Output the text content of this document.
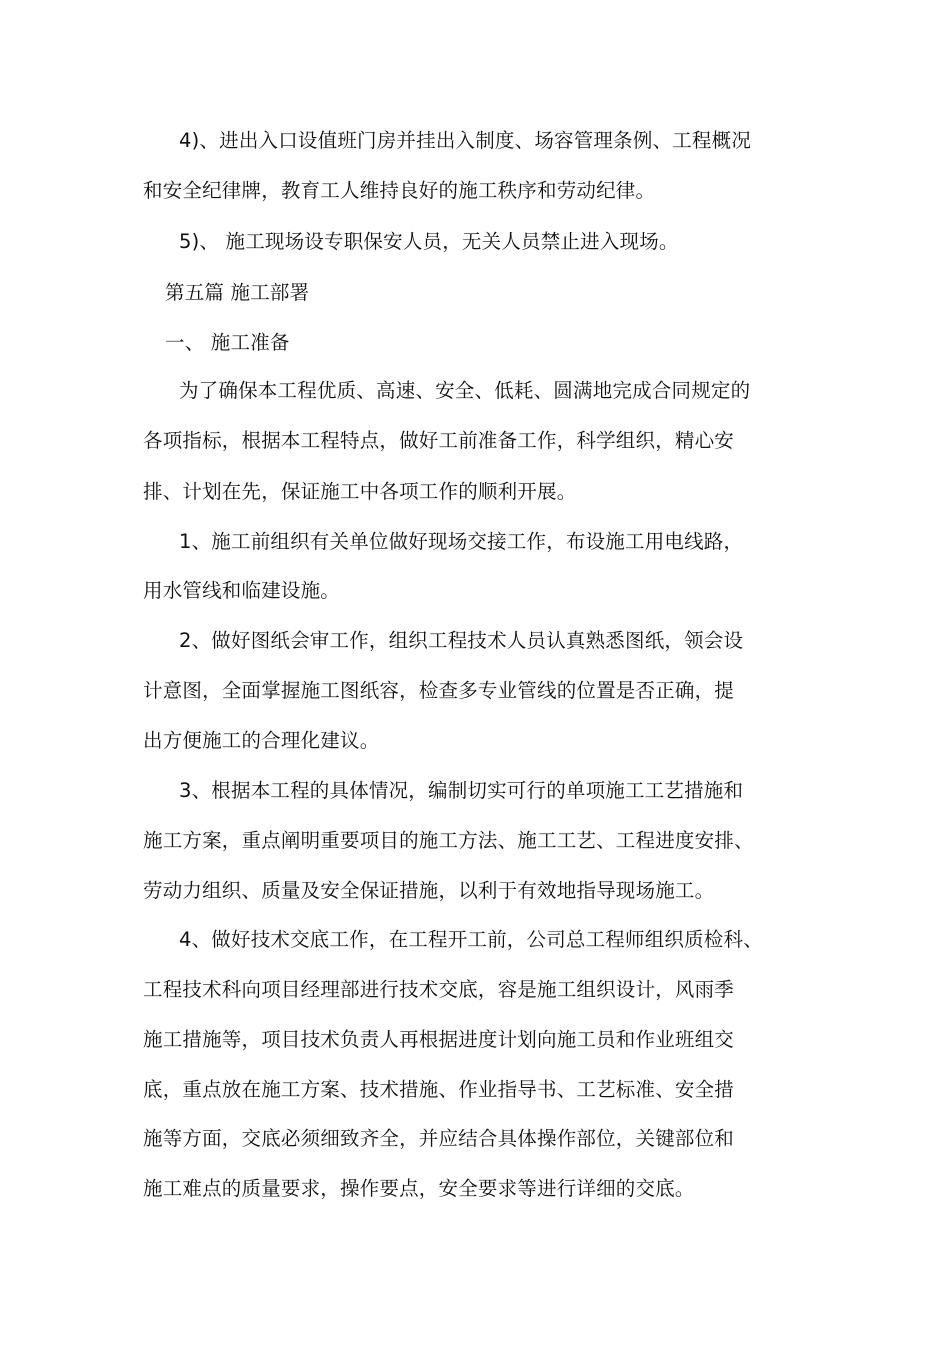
4)、进出入口设值班门房并挂出入制度、场容管理条例、工程概况
和安全纪律牌，教育工人维持良好的施工秩序和劳动纪律。
5)、 施工现场设专职保安人员，无关人员禁止进入现场。
第五篇 施工部署
一、 施工准备
为了确保本工程优质、高速、安全、低耗、圆满地完成合同规定的
各项指标，根据本工程特点，做好工前准备工作，科学组织，精心安
排、计划在先，保证施工中各项工作的顺利开展。
1、施工前组织有关单位做好现场交接工作，布设施工用电线路，
用水管线和临建设施。
2、做好图纸会审工作，组织工程技术人员认真熟悉图纸，领会设
计意图，全面掌握施工图纸容，检查多专业管线的位置是否正确，提
出方便施工的合理化建议。
3、根据本工程的具体情况，编制切实可行的单项施工工艺措施和
施工方案，重点阐明重要项目的施工方法、施工工艺、工程进度安排、
劳动力组织、质量及安全保证措施，以利于有效地指导现场施工。
4、做好技术交底工作，在工程开工前，公司总工程师组织质检科、
工程技术科向项目经理部进行技术交底，容是施工组织设计，风雨季
施工措施等，项目技术负责人再根据进度计划向施工员和作业班组交
底，重点放在施工方案、技术措施、作业指导书、工艺标准、安全措
施等方面，交底必须细致齐全，并应结合具体操作部位，关键部位和
施工难点的质量要求，操作要点，安全要求等进行详细的交底。
